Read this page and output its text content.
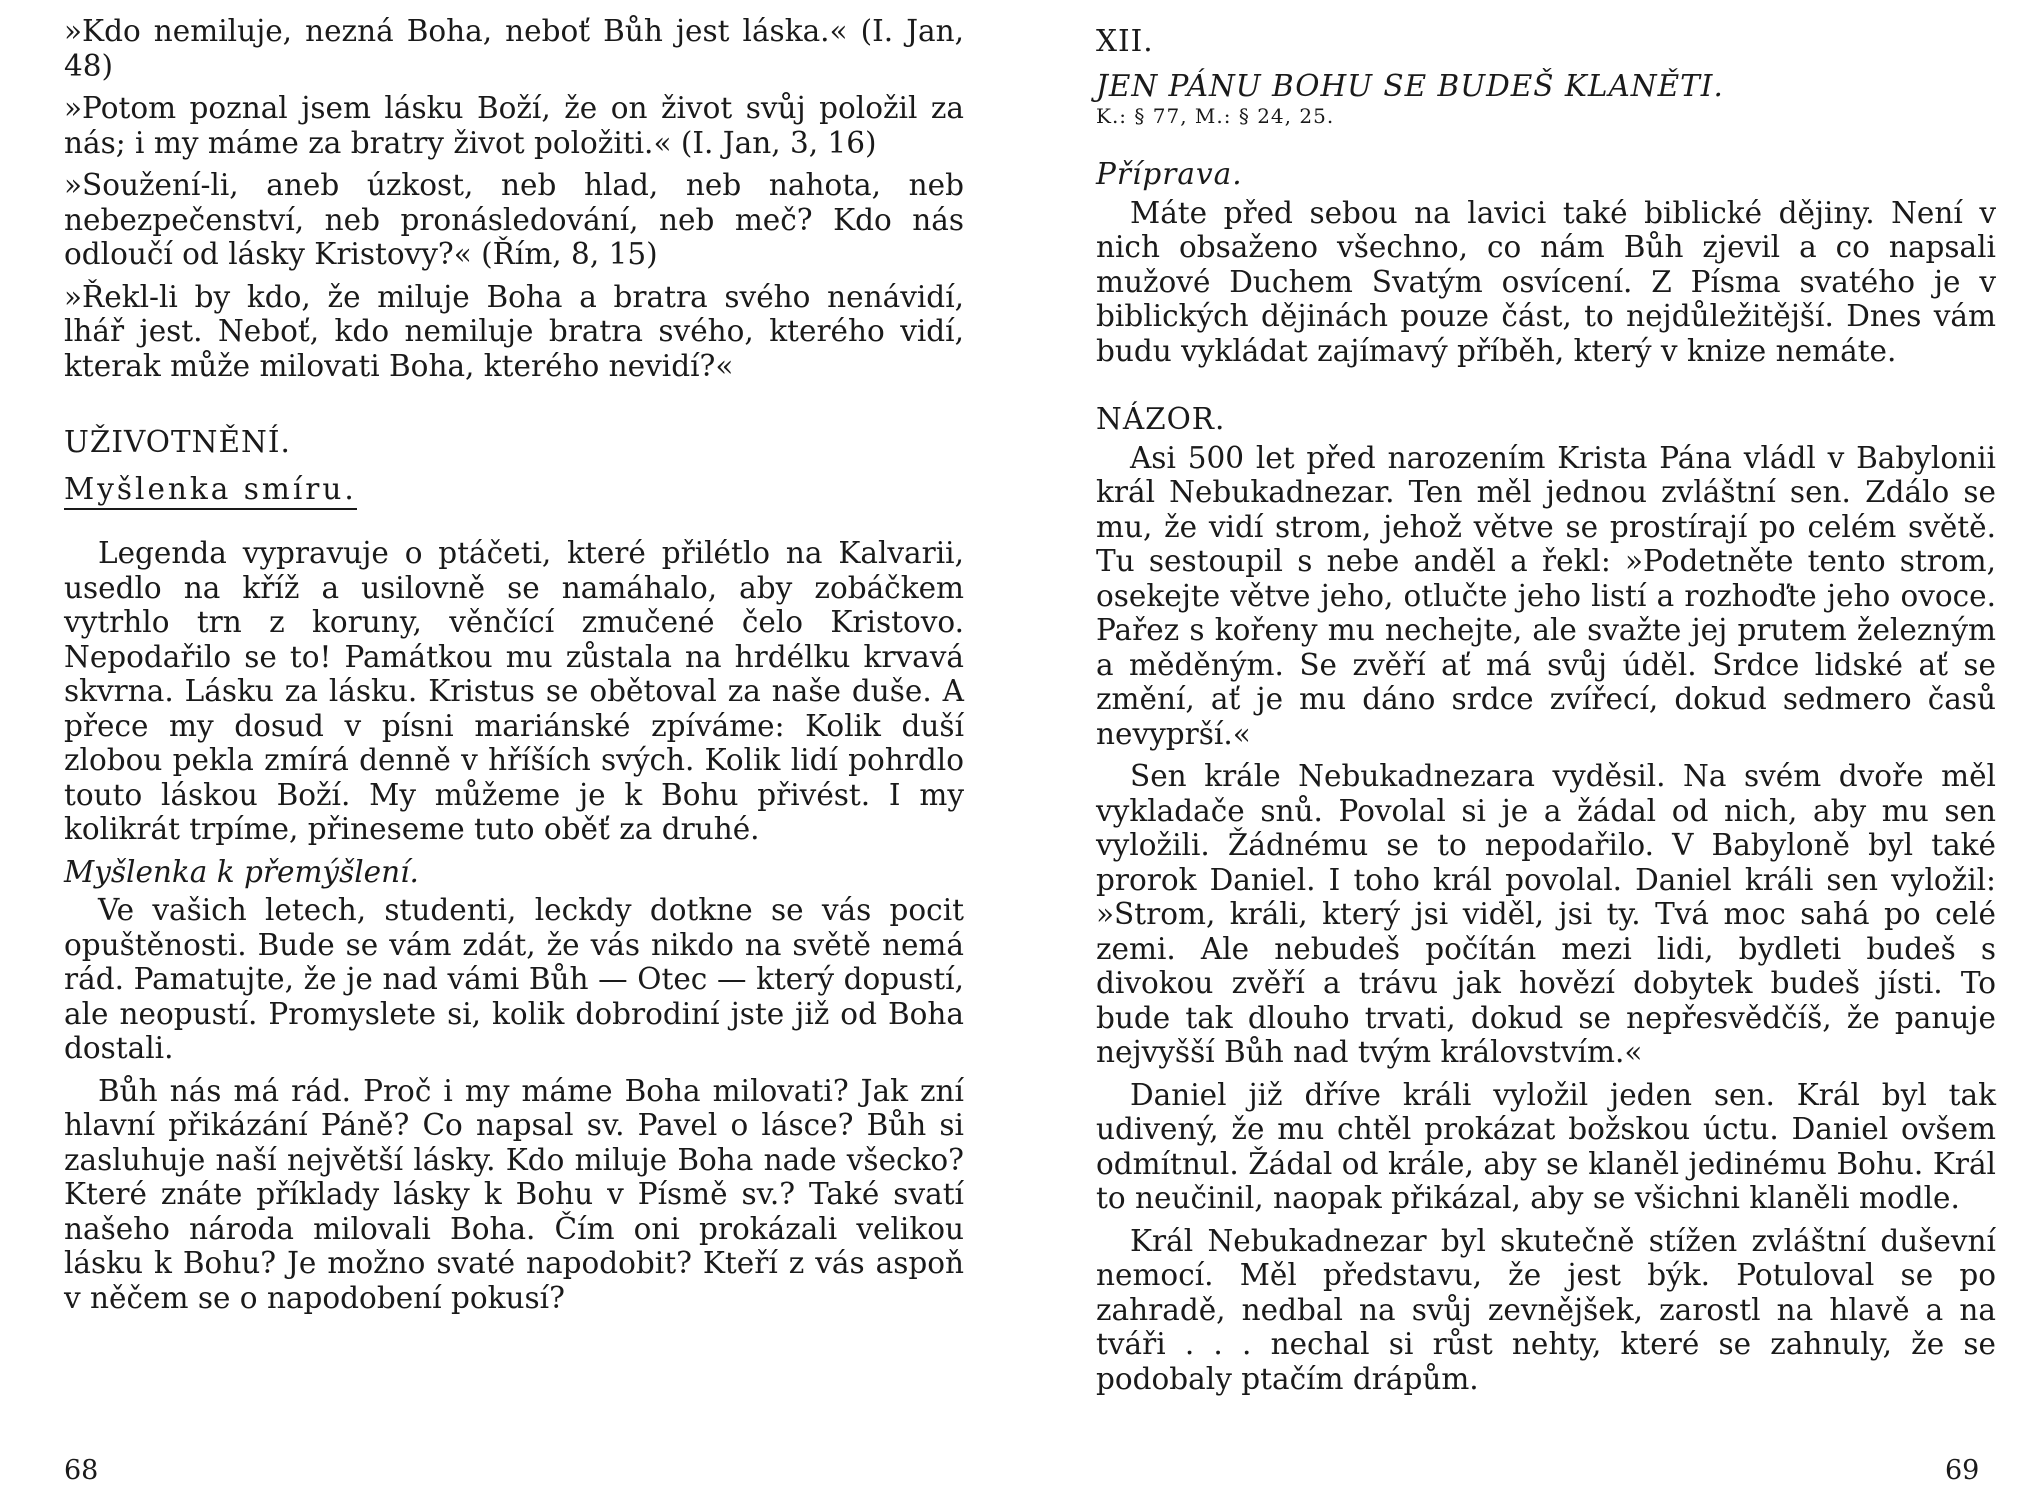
»Kdo nemiluje, nezná Boha, neboť Bůh jest láska.« (I. Jan, 48)

»Potom poznal jsem lásku Boží, že on život svůj položil za nás; i my máme za bratry život položiti.« (I. Jan, 3, 16)

»Soužení-li, aneb úzkost, neb hlad, neb nahota, neb nebezpečenství, neb pronásledování, neb meč? Kdo nás odloučí od lásky Kristovy?« (Řím, 8, 15)

»Řekl-li by kdo, že miluje Boha a bratra svého nenávidí, lhář jest. Neboť, kdo nemiluje bratra svého, kterého vidí, kterak může milovati Boha, kterého nevidí?«

UŽIVOTNĚNÍ.
Myšlenka smíru.

Legenda vypravuje o ptáčeti, které přilétlo na Kalvarii, usedlo na kříž a usilovně se namáhalo, aby zobáčkem vytrhlo trn z koruny, věnčící zmučené čelo Kristovo. Nepodařilo se to! Památkou mu zůstala na hrdélku krvavá skvrna. Lásku za lásku. Kristus se obětoval za naše duše. A přece my dosud v písni mariánské zpíváme: Kolik duší zlobou pekla zmírá denně v hříších svých. Kolik lidí pohrdlo touto láskou Boží. My můžeme je k Bohu přivést. I my kolikrát trpíme, přineseme tuto oběť za druhé.

Myšlenka k přemýšlení.

Ve vašich letech, studenti, leckdy dotkne se vás pocit opuštěnosti. Bude se vám zdát, že vás nikdo na světě nemá rád. Pamatujte, že je nad vámi Bůh — Otec — který dopustí, ale neopustí. Promyslete si, kolik dobrodiní jste již od Boha dostali.

Bůh nás má rád. Proč i my máme Boha milovati? Jak zní hlavní přikázání Páně? Co napsal sv. Pavel o lásce? Bůh si zasluhuje naší největší lásky. Kdo miluje Boha nade všecko? Které znáte příklady lásky k Bohu v Písmě sv.? Také svatí našeho národa milovali Boha. Čím oni prokázali velikou lásku k Bohu? Je možno svaté napodobit? Kteří z vás aspoň v něčem se o napodobení pokusí?

68
XII.
JEN PÁNU BOHU SE BUDEŠ KLANĚTI.
K.: § 77, M.: § 24, 25.
Příprava.

Máte před sebou na lavici také biblické dějiny. Není v nich obsaženo všechno, co nám Bůh zjevil a co napsali mužové Duchem Svatým osvícení. Z Písma svatého je v biblických dějinách pouze část, to nejdůležitější. Dnes vám budu vykládat zajímavý příběh, který v knize nemáte.

NÁZOR.

Asi 500 let před narozením Krista Pána vládl v Babylonii král Nebukadnezar. Ten měl jednou zvláštní sen. Zdálo se mu, že vidí strom, jehož větve se prostírají po celém světě. Tu sestoupil s nebe anděl a řekl: »Podetněte tento strom, osekejte větve jeho, otlučte jeho listí a rozhoďte jeho ovoce. Pařez s kořeny mu nechejte, ale svažte jej prutem železným a měděným. Se zvěří ať má svůj úděl. Srdce lidské ať se změní, ať je mu dáno srdce zvířecí, dokud sedmero časů nevyprší.«

Sen krále Nebukadnezara vyděsil. Na svém dvoře měl vykladače snů. Povolal si je a žádal od nich, aby mu sen vyložili. Žádnému se to nepodařilo. V Babyloně byl také prorok Daniel. I toho král povolal. Daniel králi sen vyložil: »Strom, králi, který jsi viděl, jsi ty. Tvá moc sahá po celé zemi. Ale nebudeš počítán mezi lidi, bydleti budeš s divokou zvěří a trávu jak hovězí dobytek budeš jísti. To bude tak dlouho trvati, dokud se nepřesvědčíš, že panuje nejvyšší Bůh nad tvým královstvím.«

Daniel již dříve králi vyložil jeden sen. Král byl tak udivený, že mu chtěl prokázat božskou úctu. Daniel ovšem odmítnul. Žádal od krále, aby se klaněl jedinému Bohu. Král to neučinil, naopak přikázal, aby se všichni klaněli modle.

Král Nebukadnezar byl skutečně stížen zvláštní duševní nemocí. Měl představu, že jest býk. Potuloval se po zahradě, nedbal na svůj zevnějšek, zarostl na hlavě a na tváři . . . nechal si růst nehty, které se zahnuly, že se podobaly ptačím drápům.

69
